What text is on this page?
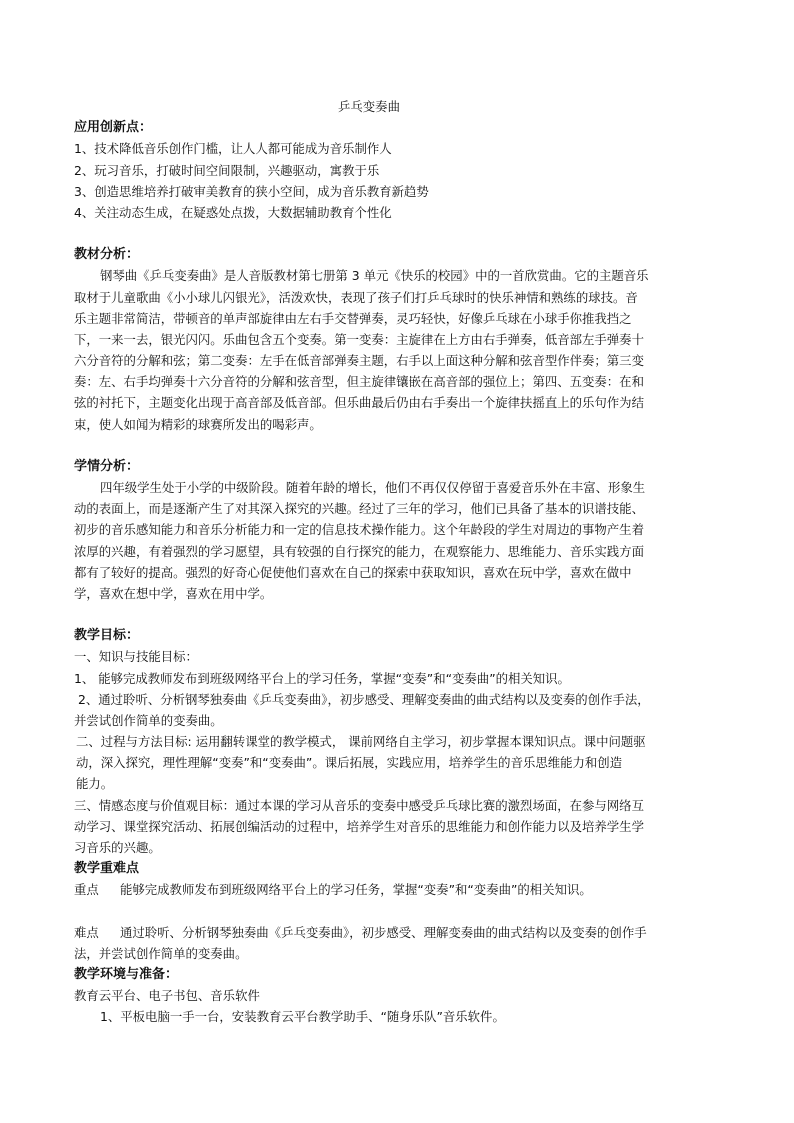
乒乓变奏曲
应用创新点：
1、技术降低音乐创作门槛，让人人都可能成为音乐制作人
2、玩习音乐，打破时间空间限制，兴趣驱动，寓教于乐
3、创造思维培养打破审美教育的狭小空间，成为音乐教育新趋势
4、关注动态生成，在疑惑处点拨，大数据辅助教育个性化
教材分析：
钢琴曲《乒乓变奏曲》是人音版教材第七册第 3 单元《快乐的校园》中的一首欣赏曲。它的主题音乐
取材于儿童歌曲《小小球儿闪银光》，活泼欢快，表现了孩子们打乒乓球时的快乐神情和熟练的球技。音
乐主题非常简洁，带顿音的单声部旋律由左右手交替弹奏，灵巧轻快，好像乒乓球在小球手你推我挡之
下，一来一去，银光闪闪。乐曲包含五个变奏。第一变奏：主旋律在上方由右手弹奏，低音部左手弹奏十
六分音符的分解和弦；第二变奏：左手在低音部弹奏主题，右手以上面这种分解和弦音型作伴奏；第三变
奏：左、右手均弹奏十六分音符的分解和弦音型，但主旋律镶嵌在高音部的强位上；第四、五变奏：在和
弦的衬托下，主题变化出现于高音部及低音部。但乐曲最后仍由右手奏出一个旋律扶摇直上的乐句作为结
束，使人如闻为精彩的球赛所发出的喝彩声。
学情分析：
四年级学生处于小学的中级阶段。随着年龄的增长，他们不再仅仅停留于喜爱音乐外在丰富、形象生
动的表面上，而是逐渐产生了对其深入探究的兴趣。经过了三年的学习，他们已具备了基本的识谱技能、
初步的音乐感知能力和音乐分析能力和一定的信息技术操作能力。这个年龄段的学生对周边的事物产生着
浓厚的兴趣，有着强烈的学习愿望，具有较强的自行探究的能力，在观察能力、思维能力、音乐实践方面
都有了较好的提高。强烈的好奇心促使他们喜欢在自己的探索中获取知识，喜欢在玩中学，喜欢在做中
学，喜欢在想中学，喜欢在用中学。
教学目标：
一、知识与技能目标：
1、 能够完成教师发布到班级网络平台上的学习任务，掌握“变奏”和“变奏曲”的相关知识。
2、通过聆听、分析钢琴独奏曲《乒乓变奏曲》，初步感受、理解变奏曲的曲式结构以及变奏的创作手法，
并尝试创作简单的变奏曲。
二、过程与方法目标: 运用翻转课堂的教学模式， 课前网络自主学习，初步掌握本课知识点。课中问题驱
动，深入探究，理性理解“变奏”和“变奏曲”。课后拓展，实践应用，培养学生的音乐思维能力和创造
能力。
三、情感态度与价值观目标：通过本课的学习从音乐的变奏中感受乒乓球比赛的激烈场面，在参与网络互
动学习、课堂探究活动、拓展创编活动的过程中，培养学生对音乐的思维能力和创作能力以及培养学生学
习音乐的兴趣。
教学重难点
重点 能够完成教师发布到班级网络平台上的学习任务，掌握“变奏”和“变奏曲”的相关知识。
难点 通过聆听、分析钢琴独奏曲《乒乓变奏曲》，初步感受、理解变奏曲的曲式结构以及变奏的创作手
法，并尝试创作简单的变奏曲。
教学环境与准备：
教育云平台、电子书包、音乐软件
1、平板电脑一手一台，安装教育云平台教学助手、“随身乐队”音乐软件。
